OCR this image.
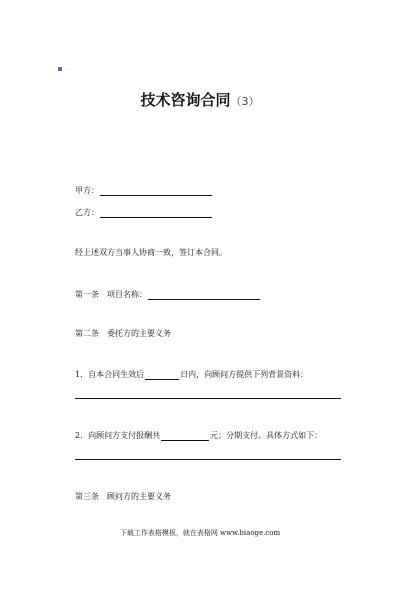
……
技术咨询合同（3）
甲方：
乙方：
经上述双方当事人协商一致，签订本合同。
第一条　项目名称：
第二条　委托方的主要义务
1．自本合同生效后	日内，向顾问方提供下列背景资料：
2．向顾问方支付报酬共	元；分期支付。具体方式如下：
第三条　顾问方的主要义务
下载工作表格模板，就在表格网 www.biaoge.com
